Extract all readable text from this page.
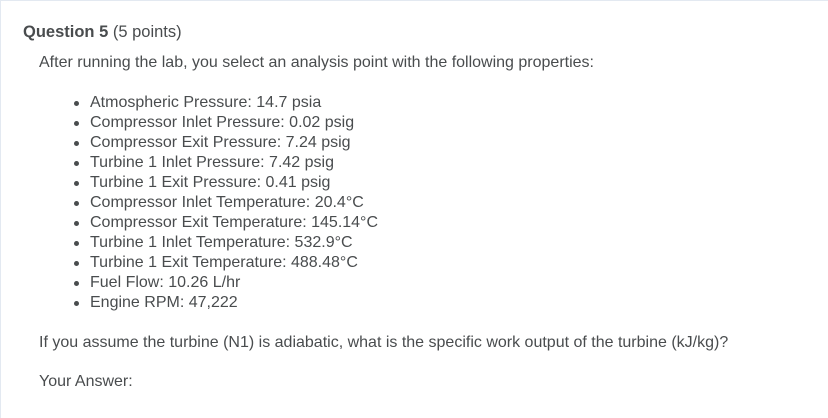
Question 5 (5 points)

After running the lab, you select an analysis point with the following properties:

Atmospheric Pressure: 14.7 psia
Compressor Inlet Pressure: 0.02 psig
Compressor Exit Pressure: 7.24 psig
Turbine 1 Inlet Pressure: 7.42 psig
Turbine 1 Exit Pressure: 0.41 psig
Compressor Inlet Temperature: 20.4°C
Compressor Exit Temperature: 145.14°C
Turbine 1 Inlet Temperature: 532.9°C
Turbine 1 Exit Temperature: 488.48°C
Fuel Flow: 10.26 L/hr
Engine RPM: 47,222

If you assume the turbine (N1) is adiabatic, what is the specific work output of the turbine (kJ/kg)?

Your Answer:
